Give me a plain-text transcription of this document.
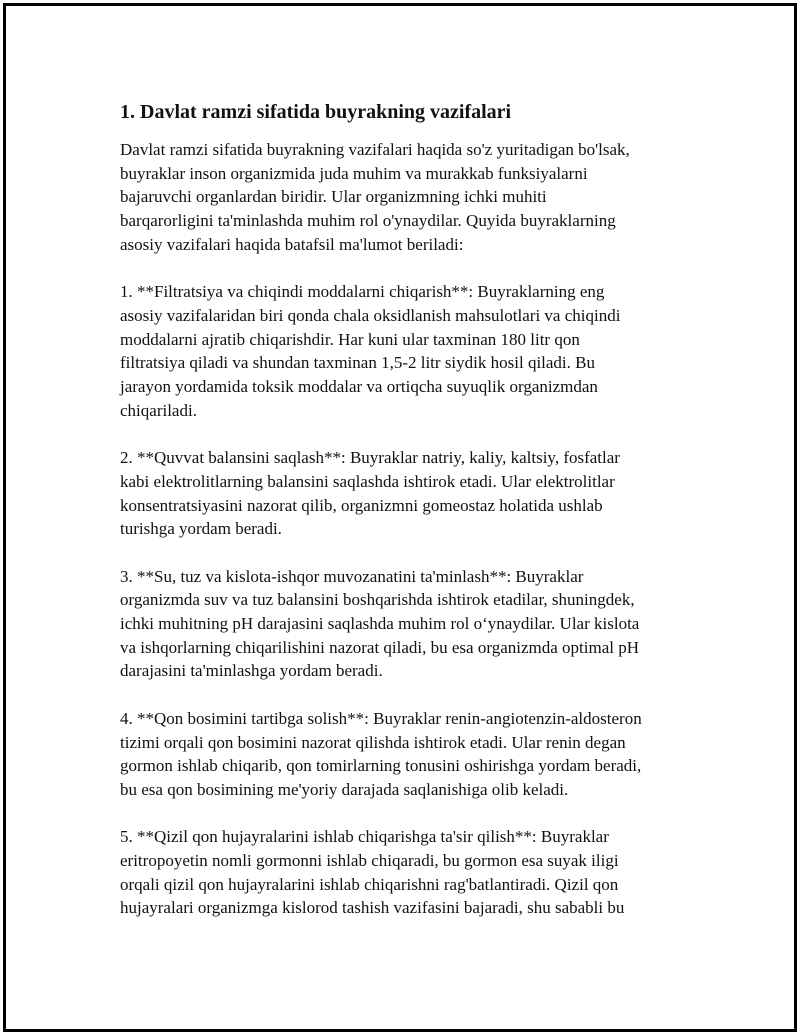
1. Davlat ramzi sifatida buyrakning vazifalari
Davlat ramzi sifatida buyrakning vazifalari haqida so'z yuritadigan bo'lsak,
buyraklar inson organizmida juda muhim va murakkab funksiyalarni
bajaruvchi organlardan biridir. Ular organizmning ichki muhiti
barqarorligini ta'minlashda muhim rol o'ynaydilar. Quyida buyraklarning
asosiy vazifalari haqida batafsil ma'lumot beriladi:
1. **Filtratsiya va chiqindi moddalarni chiqarish**: Buyraklarning eng
asosiy vazifalaridan biri qonda chala oksidlanish mahsulotlari va chiqindi
moddalarni ajratib chiqarishdir. Har kuni ular taxminan 180 litr qon
filtratsiya qiladi va shundan taxminan 1,5-2 litr siydik hosil qiladi. Bu
jarayon yordamida toksik moddalar va ortiqcha suyuqlik organizmdan
chiqariladi.
2. **Quvvat balansini saqlash**: Buyraklar natriy, kaliy, kaltsiy, fosfatlar
kabi elektrolitlarning balansini saqlashda ishtirok etadi. Ular elektrolitlar
konsentratsiyasini nazorat qilib, organizmni gomeostaz holatida ushlab
turishga yordam beradi.
3. **Su, tuz va kislota-ishqor muvozanatini ta'minlash**: Buyraklar
organizmda suv va tuz balansini boshqarishda ishtirok etadilar, shuningdek,
ichki muhitning pH darajasini saqlashda muhim rol o‘ynaydilar. Ular kislota
va ishqorlarning chiqarilishini nazorat qiladi, bu esa organizmda optimal pH
darajasini ta'minlashga yordam beradi.
4. **Qon bosimini tartibga solish**: Buyraklar renin-angiotenzin-aldosteron
tizimi orqali qon bosimini nazorat qilishda ishtirok etadi. Ular renin degan
gormon ishlab chiqarib, qon tomirlarning tonusini oshirishga yordam beradi,
bu esa qon bosimining me'yoriy darajada saqlanishiga olib keladi.
5. **Qizil qon hujayralarini ishlab chiqarishga ta'sir qilish**: Buyraklar
eritropoyetin nomli gormonni ishlab chiqaradi, bu gormon esa suyak iligi
orqali qizil qon hujayralarini ishlab chiqarishni rag'batlantiradi. Qizil qon
hujayralari organizmga kislorod tashish vazifasini bajaradi, shu sababli bu
